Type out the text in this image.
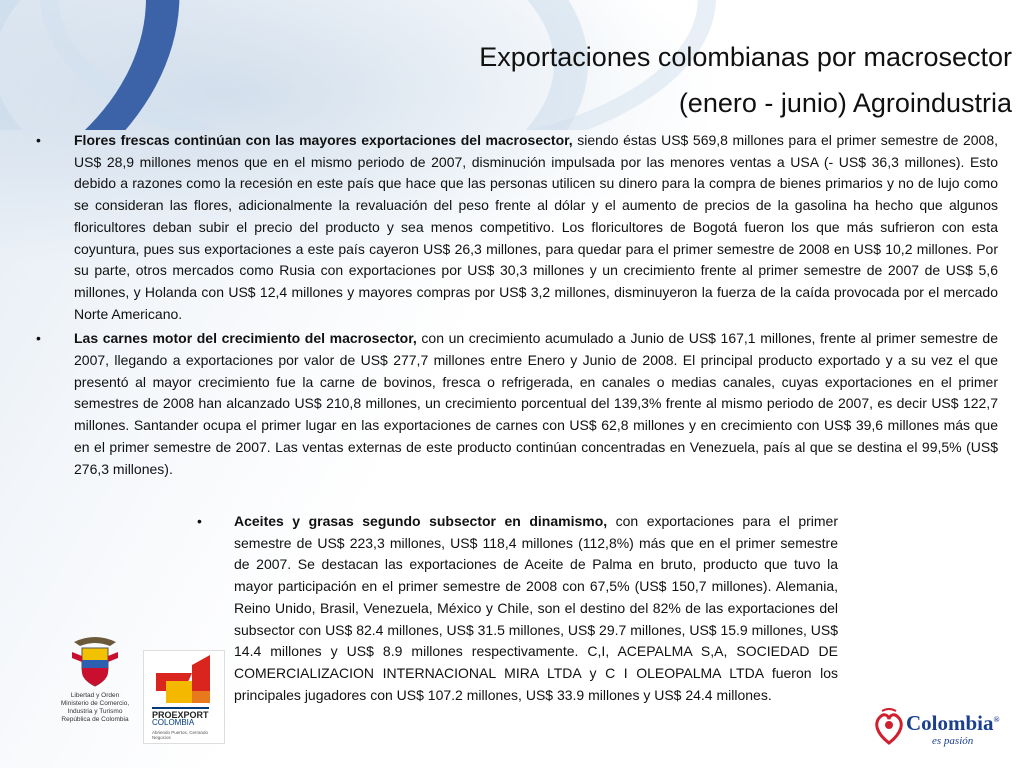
Exportaciones colombianas por macrosector
(enero - junio) Agroindustria
• Flores frescas continúan con las mayores exportaciones del macrosector, siendo éstas US$ 569,8 millones para el primer semestre de 2008, US$ 28,9 millones menos que en el mismo periodo de 2007, disminución impulsada por las menores ventas a USA (- US$ 36,3 millones). Esto debido a razones como la recesión en este país que hace que las personas utilicen su dinero para la compra de bienes primarios y no de lujo como se consideran las flores, adicionalmente la revaluación del peso frente al dólar y el aumento de precios de la gasolina ha hecho que algunos floricultores deban subir el precio del producto y sea menos competitivo. Los floricultores de Bogotá fueron los que más sufrieron con esta coyuntura, pues sus exportaciones a este país cayeron US$ 26,3 millones, para quedar para el primer semestre de 2008 en US$ 10,2 millones. Por su parte, otros mercados como Rusia con exportaciones por US$ 30,3 millones y un crecimiento frente al primer semestre de 2007 de US$ 5,6 millones, y Holanda con US$ 12,4 millones y mayores compras por US$ 3,2 millones, disminuyeron la fuerza de la caída provocada por el mercado Norte Americano.
• Las carnes motor del crecimiento del macrosector, con un crecimiento acumulado a Junio de US$ 167,1 millones, frente al primer semestre de 2007, llegando a exportaciones por valor de US$ 277,7 millones entre Enero y Junio de 2008. El principal producto exportado y a su vez el que presentó al mayor crecimiento fue la carne de bovinos, fresca o refrigerada, en canales o medias canales, cuyas exportaciones en el primer semestres de 2008 han alcanzado US$ 210,8 millones, un crecimiento porcentual del 139,3% frente al mismo periodo de 2007, es decir US$ 122,7 millones. Santander ocupa el primer lugar en las exportaciones de carnes con US$ 62,8 millones y en crecimiento con US$ 39,6 millones más que en el primer semestre de 2007. Las ventas externas de este producto continúan concentradas en Venezuela, país al que se destina el 99,5% (US$ 276,3 millones).
• Aceites y grasas segundo subsector en dinamismo, con exportaciones para el primer semestre de US$ 223,3 millones, US$ 118,4 millones (112,8%) más que en el primer semestre de 2007. Se destacan las exportaciones de Aceite de Palma en bruto, producto que tuvo la mayor participación en el primer semestre de 2008 con 67,5% (US$ 150,7 millones). Alemania, Reino Unido, Brasil, Venezuela, México y Chile, son el destino del 82% de las exportaciones del subsector con US$ 82.4 millones, US$ 31.5 millones, US$ 29.7 millones, US$ 15.9 millones, US$ 14.4 millones y US$ 8.9 millones respectivamente. C,I, ACEPALMA S,A, SOCIEDAD DE COMERCIALIZACION INTERNACIONAL MIRA LTDA y C I OLEOPALMA LTDA fueron los principales jugadores con US$ 107.2 millones, US$ 33.9 millones y US$ 24.4 millones.
Libertad y Orden
Ministerio de Comercio,
Industria y Turismo
República de Colombia	PROEXPORT
COLOMBIA
Abriendo Puertos, Cerrando Negocios
Colombia®
es pasión
